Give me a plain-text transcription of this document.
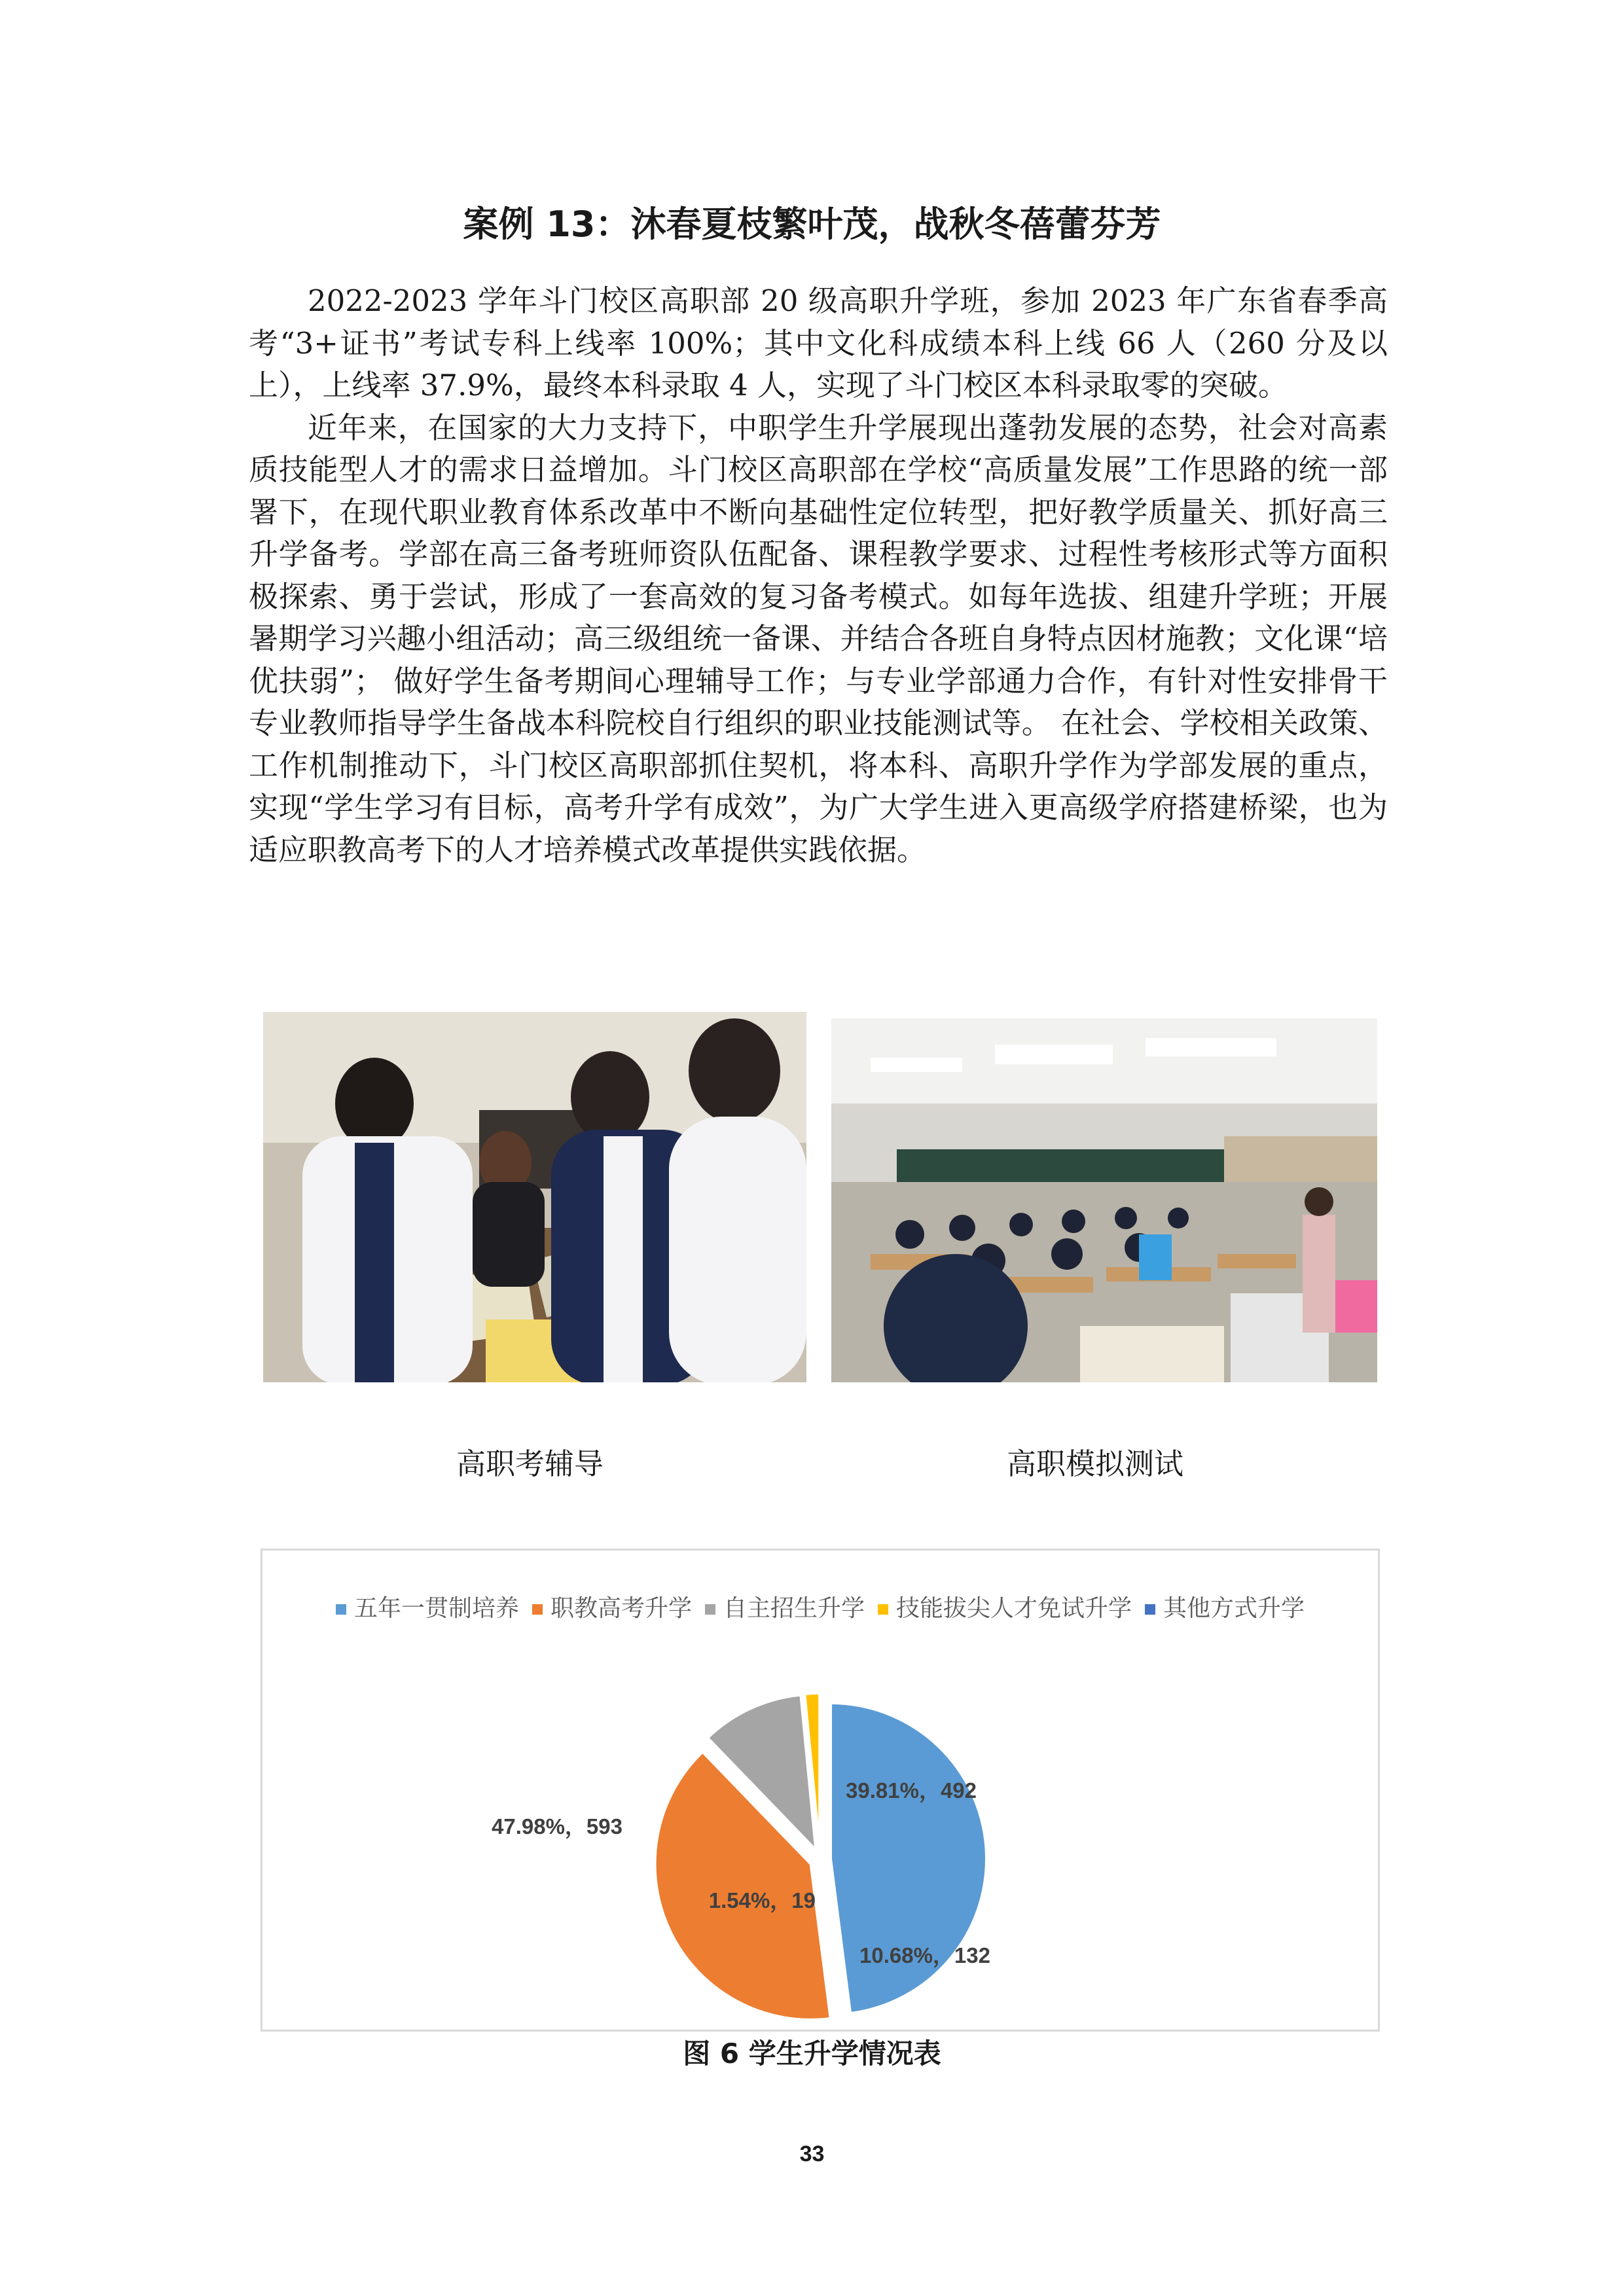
案例 13：沐春夏枝繁叶茂，战秋冬蓓蕾芬芳

2022-2023 学年斗门校区高职部 20 级高职升学班，参加 2023 年广东省春季高考“3+证书”考试专科上线率 100%；其中文化科成绩本科上线 66 人（260 分及以上），上线率 37.9%，最终本科录取 4 人，实现了斗门校区本科录取零的突破。

近年来，在国家的大力支持下，中职学生升学展现出蓬勃发展的态势，社会对高素质技能型人才的需求日益增加。斗门校区高职部在学校“高质量发展”工作思路的统一部署下，在现代职业教育体系改革中不断向基础性定位转型，把好教学质量关、抓好高三升学备考。学部在高三备考班师资队伍配备、课程教学要求、过程性考核形式等方面积极探索、勇于尝试，形成了一套高效的复习备考模式。如每年选拔、组建升学班；开展暑期学习兴趣小组活动；高三级组统一备课、并结合各班自身特点因材施教；文化课“培优扶弱”； 做好学生备考期间心理辅导工作；与专业学部通力合作，有针对性安排骨干专业教师指导学生备战本科院校自行组织的职业技能测试等。 在社会、学校相关政策、工作机制推动下，斗门校区高职部抓住契机，将本科、高职升学作为学部发展的重点，实现“学生学习有目标，高考升学有成效”，为广大学生进入更高级学府搭建桥梁，也为适应职教高考下的人才培养模式改革提供实践依据。

高职考辅导	高职模拟测试
五年一贯制培养 职教高考升学 自主招生升学 技能拔尖人才免试升学 其他方式升学
47.98%，593
39.81%，492
10.68%，132
1.54%，19
图 6 学生升学情况表
33
